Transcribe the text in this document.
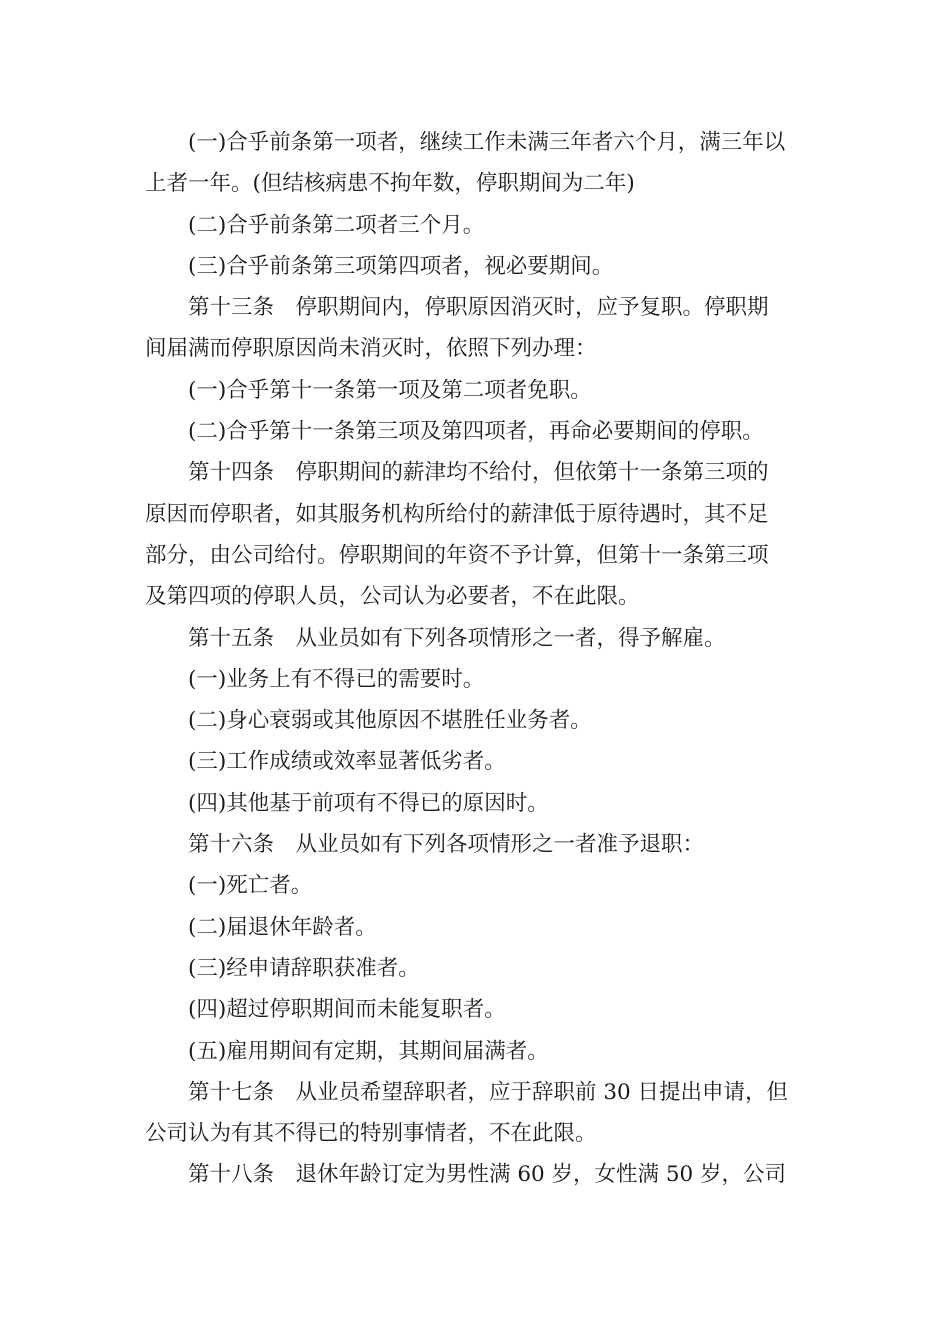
(一)合乎前条第一项者，继续工作未满三年者六个月，满三年以
上者一年。(但结核病患不拘年数，停职期间为二年)

(二)合乎前条第二项者三个月。

(三)合乎前条第三项第四项者，视必要期间。

第十三条　停职期间内，停职原因消灭时，应予复职。停职期
间届满而停职原因尚未消灭时，依照下列办理：

(一)合乎第十一条第一项及第二项者免职。

(二)合乎第十一条第三项及第四项者，再命必要期间的停职。

第十四条　停职期间的薪津均不给付，但依第十一条第三项的
原因而停职者，如其服务机构所给付的薪津低于原待遇时，其不足
部分，由公司给付。停职期间的年资不予计算，但第十一条第三项
及第四项的停职人员，公司认为必要者，不在此限。

第十五条　从业员如有下列各项情形之一者，得予解雇。

(一)业务上有不得已的需要时。

(二)身心衰弱或其他原因不堪胜任业务者。

(三)工作成绩或效率显著低劣者。

(四)其他基于前项有不得已的原因时。

第十六条　从业员如有下列各项情形之一者准予退职：

(一)死亡者。

(二)届退休年龄者。

(三)经申请辞职获准者。

(四)超过停职期间而未能复职者。

(五)雇用期间有定期，其期间届满者。

第十七条　从业员希望辞职者，应于辞职前 30 日提出申请，但
公司认为有其不得已的特别事情者，不在此限。

第十八条　退休年龄订定为男性满 60 岁，女性满 50 岁，公司
